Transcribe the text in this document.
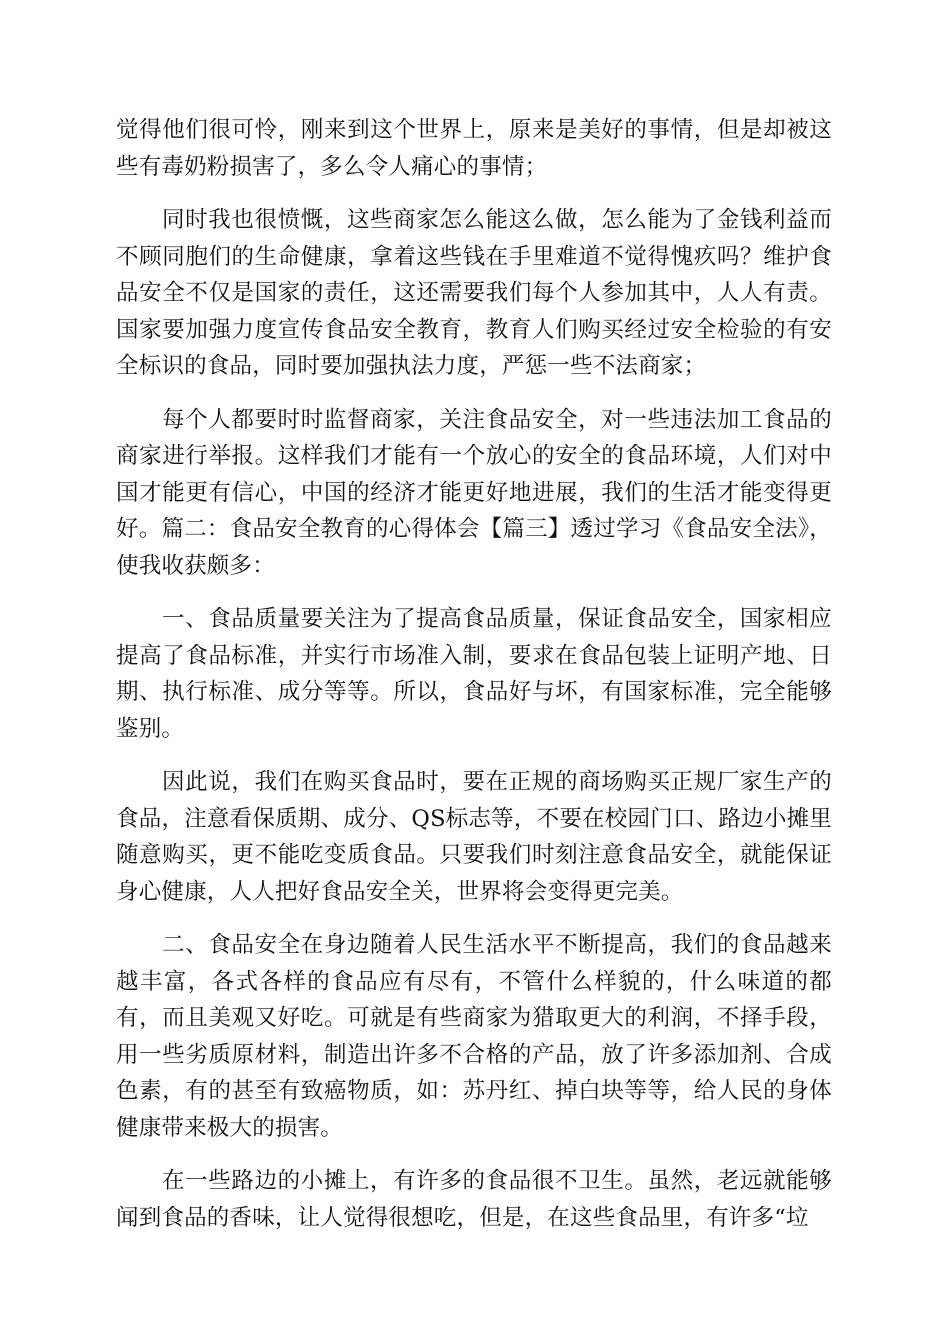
觉得他们很可怜，刚来到这个世界上，原来是美好的事情，但是却被这些有毒奶粉损害了，多么令人痛心的事情；

同时我也很愤慨，这些商家怎么能这么做，怎么能为了金钱利益而不顾同胞们的生命健康，拿着这些钱在手里难道不觉得愧疚吗？维护食品安全不仅是国家的责任，这还需要我们每个人参加其中，人人有责。国家要加强力度宣传食品安全教育，教育人们购买经过安全检验的有安全标识的食品，同时要加强执法力度，严惩一些不法商家；

每个人都要时时监督商家，关注食品安全，对一些违法加工食品的商家进行举报。这样我们才能有一个放心的安全的食品环境，人们对中国才能更有信心，中国的经济才能更好地进展，我们的生活才能变得更好。篇二：食品安全教育的心得体会【篇三】透过学习《食品安全法》，使我收获颇多：

一、食品质量要关注为了提高食品质量，保证食品安全，国家相应提高了食品标准，并实行市场准入制，要求在食品包装上证明产地、日期、执行标准、成分等等。所以，食品好与坏，有国家标准，完全能够鉴别。

因此说，我们在购买食品时，要在正规的商场购买正规厂家生产的食品，注意看保质期、成分、QS标志等，不要在校园门口、路边小摊里随意购买，更不能吃变质食品。只要我们时刻注意食品安全，就能保证身心健康，人人把好食品安全关，世界将会变得更完美。

二、食品安全在身边随着人民生活水平不断提高，我们的食品越来越丰富，各式各样的食品应有尽有，不管什么样貌的，什么味道的都有，而且美观又好吃。可就是有些商家为猎取更大的利润，不择手段，用一些劣质原材料，制造出许多不合格的产品，放了许多添加剂、合成色素，有的甚至有致癌物质，如：苏丹红、掉白块等等，给人民的身体健康带来极大的损害。

在一些路边的小摊上，有许多的食品很不卫生。虽然，老远就能够闻到食品的香味，让人觉得很想吃，但是，在这些食品里，有许多“垃
